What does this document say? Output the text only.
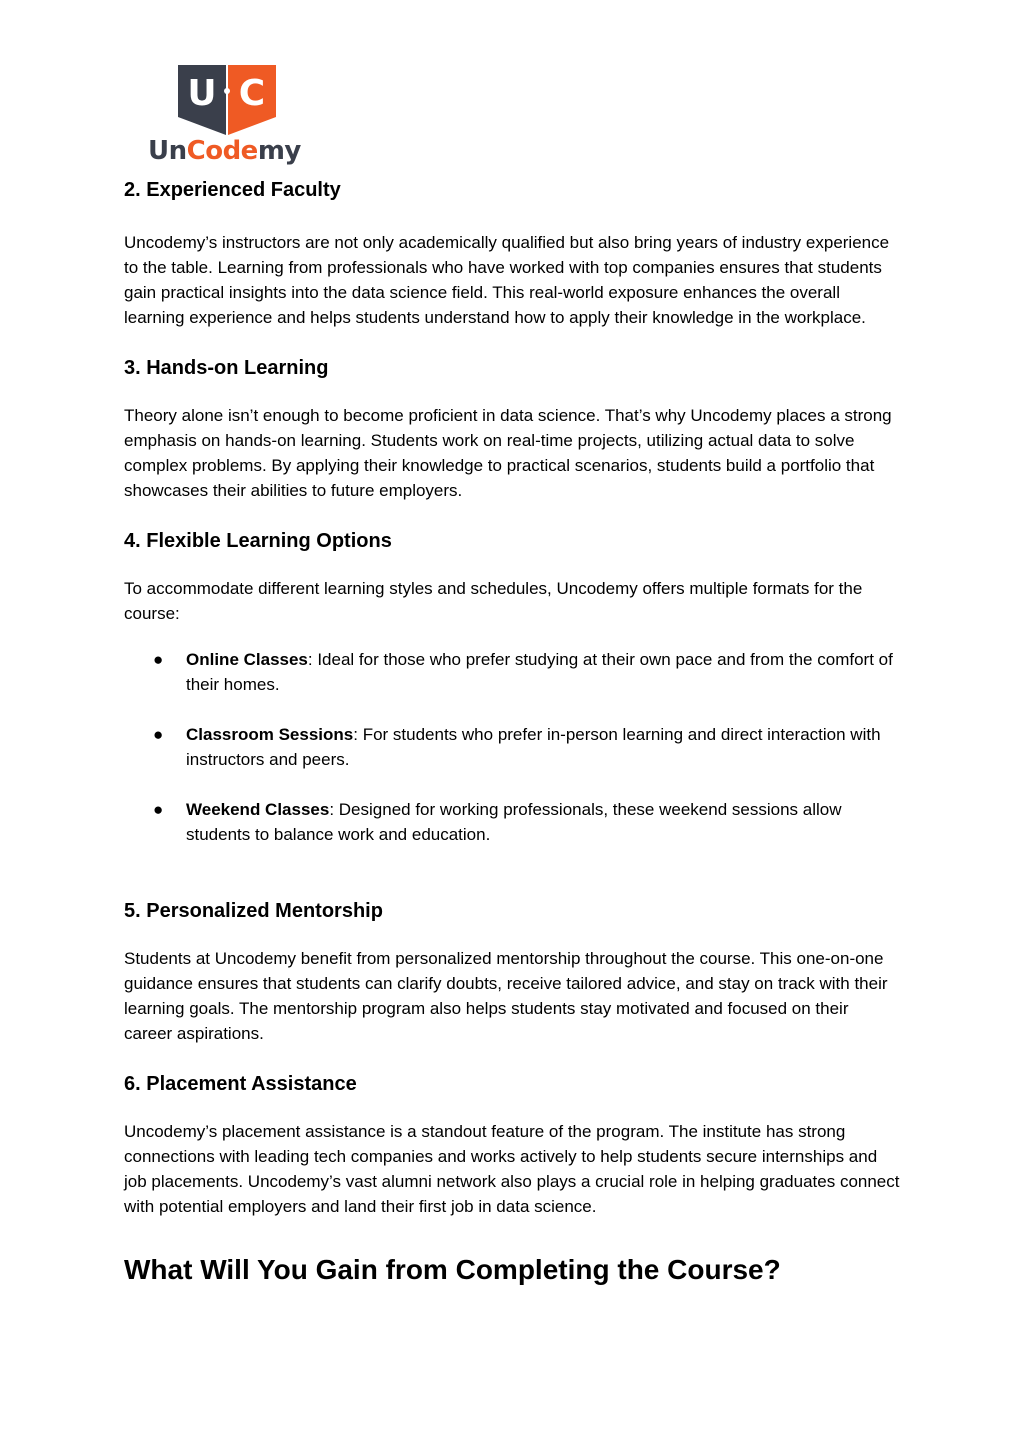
U C
UnCodemy
2. Experienced Faculty

Uncodemy’s instructors are not only academically qualified but also bring years of industry experience to the table. Learning from professionals who have worked with top companies ensures that students gain practical insights into the data science field. This real-world exposure enhances the overall learning experience and helps students understand how to apply their knowledge in the workplace.

3. Hands-on Learning

Theory alone isn’t enough to become proficient in data science. That’s why Uncodemy places a strong emphasis on hands-on learning. Students work on real-time projects, utilizing actual data to solve complex problems. By applying their knowledge to practical scenarios, students build a portfolio that showcases their abilities to future employers.

4. Flexible Learning Options

To accommodate different learning styles and schedules, Uncodemy offers multiple formats for the course:

● Online Classes: Ideal for those who prefer studying at their own pace and from the comfort of their homes.
● Classroom Sessions: For students who prefer in-person learning and direct interaction with instructors and peers.
● Weekend Classes: Designed for working professionals, these weekend sessions allow students to balance work and education.
5. Personalized Mentorship

Students at Uncodemy benefit from personalized mentorship throughout the course. This one-on-one guidance ensures that students can clarify doubts, receive tailored advice, and stay on track with their learning goals. The mentorship program also helps students stay motivated and focused on their career aspirations.

6. Placement Assistance

Uncodemy’s placement assistance is a standout feature of the program. The institute has strong connections with leading tech companies and works actively to help students secure internships and job placements. Uncodemy’s vast alumni network also plays a crucial role in helping graduates connect with potential employers and land their first job in data science.

What Will You Gain from Completing the Course?
